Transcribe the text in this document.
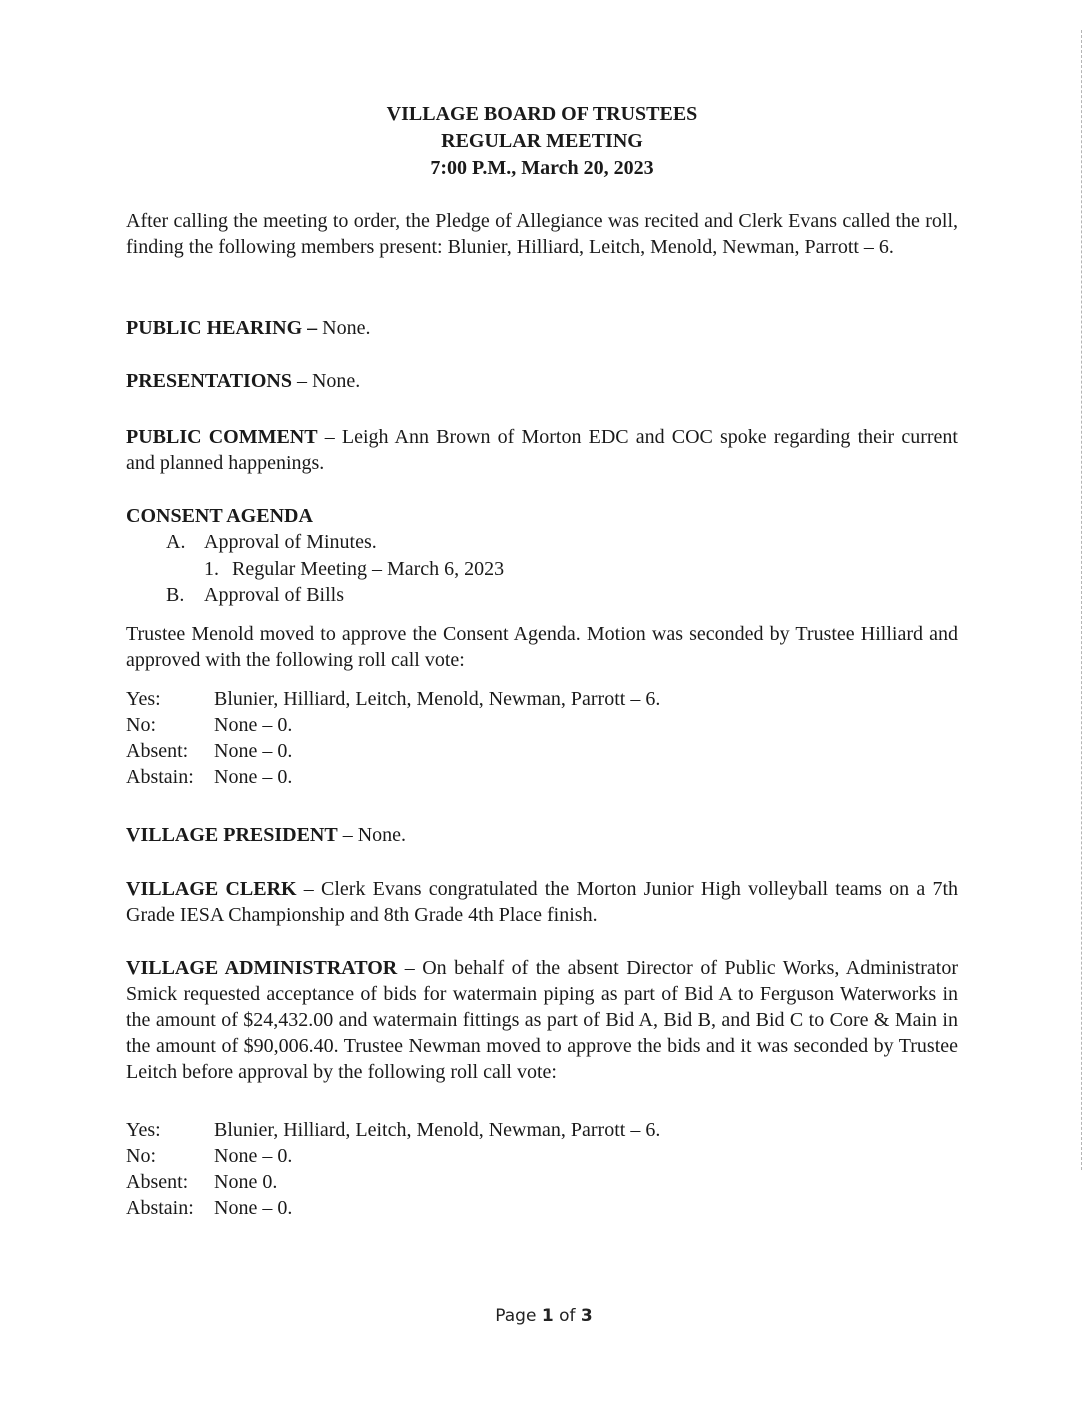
VILLAGE BOARD OF TRUSTEES
REGULAR MEETING
7:00 P.M., March 20, 2023
After calling the meeting to order, the Pledge of Allegiance was recited and Clerk Evans called the roll, finding the following members present: Blunier, Hilliard, Leitch, Menold, Newman, Parrott – 6.
PUBLIC HEARING – None.
PRESENTATIONS – None.
PUBLIC COMMENT – Leigh Ann Brown of Morton EDC and COC spoke regarding their current and planned happenings.
CONSENT AGENDA
A. Approval of Minutes.
1. Regular Meeting – March 6, 2023
B. Approval of Bills
Trustee Menold moved to approve the Consent Agenda. Motion was seconded by Trustee Hilliard and approved with the following roll call vote:
Yes:	Blunier, Hilliard, Leitch, Menold, Newman, Parrott – 6.
No:	None – 0.
Absent: None – 0.
Abstain: None – 0.
VILLAGE PRESIDENT – None.
VILLAGE CLERK – Clerk Evans congratulated the Morton Junior High volleyball teams on a 7th Grade IESA Championship and 8th Grade 4th Place finish.
VILLAGE ADMINISTRATOR – On behalf of the absent Director of Public Works, Administrator Smick requested acceptance of bids for watermain piping as part of Bid A to Ferguson Waterworks in the amount of $24,432.00 and watermain fittings as part of Bid A, Bid B, and Bid C to Core & Main in the amount of $90,006.40. Trustee Newman moved to approve the bids and it was seconded by Trustee Leitch before approval by the following roll call vote:
Yes:	Blunier, Hilliard, Leitch, Menold, Newman, Parrott – 6.
No:	None – 0.
Absent: None 0.
Abstain: None – 0.
Page 1 of 3
